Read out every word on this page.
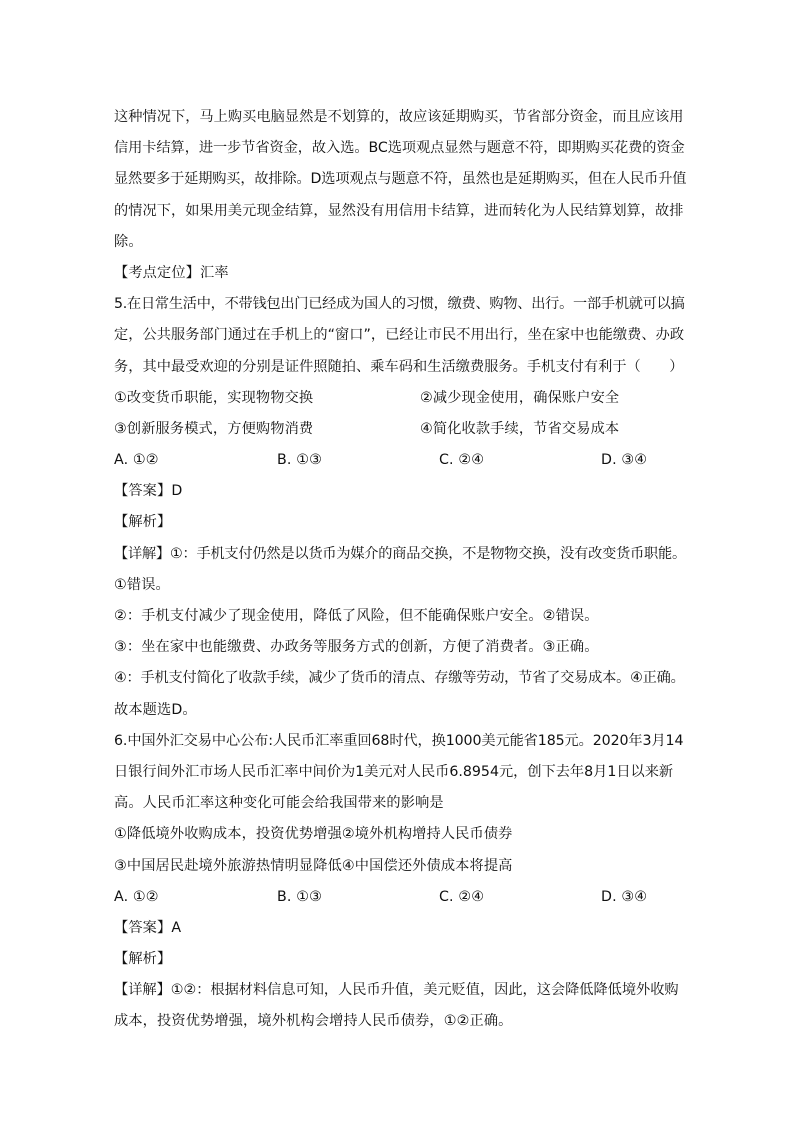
这种情况下，马上购买电脑显然是不划算的，故应该延期购买，节省部分资金，而且应该用
信用卡结算，进一步节省资金，故入选。BC选项观点显然与题意不符，即期购买花费的资金
显然要多于延期购买，故排除。D选项观点与题意不符，虽然也是延期购买，但在人民币升值
的情况下，如果用美元现金结算，显然没有用信用卡结算，进而转化为人民结算划算，故排
除。
【考点定位】汇率
5.在日常生活中，不带钱包出门已经成为国人的习惯，缴费、购物、出行。一部手机就可以搞
定，公共服务部门通过在手机上的“窗口”，已经让市民不用出行，坐在家中也能缴费、办政
务，其中最受欢迎的分别是证件照随拍、乘车码和生活缴费服务。手机支付有利于（　　）
①改变货币职能，实现物物交换	②减少现金使用，确保账户安全
③创新服务模式，方便购物消费	④简化收款手续，节省交易成本
A. ①②	B. ①③	C. ②④	D. ③④
【答案】D
【解析】
【详解】①：手机支付仍然是以货币为媒介的商品交换，不是物物交换，没有改变货币职能。
①错误。
②：手机支付减少了现金使用，降低了风险，但不能确保账户安全。②错误。
③：坐在家中也能缴费、办政务等服务方式的创新，方便了消费者。③正确。
④：手机支付简化了收款手续，减少了货币的清点、存缴等劳动，节省了交易成本。④正确。
故本题选D。
6.中国外汇交易中心公布:人民币汇率重回68时代，换1000美元能省185元。2020年3月14
日银行间外汇市场人民币汇率中间价为1美元对人民币6.8954元，创下去年8月1日以来新
高。人民币汇率这种变化可能会给我国带来的影响是
①降低境外收购成本，投资优势增强②境外机构增持人民币债券
③中国居民赴境外旅游热情明显降低④中国偿还外债成本将提高
A. ①②	B. ①③	C. ②④	D. ③④
【答案】A
【解析】
【详解】①②：根据材料信息可知，人民币升值，美元贬值，因此，这会降低降低境外收购
成本，投资优势增强，境外机构会增持人民币债券，①②正确。
